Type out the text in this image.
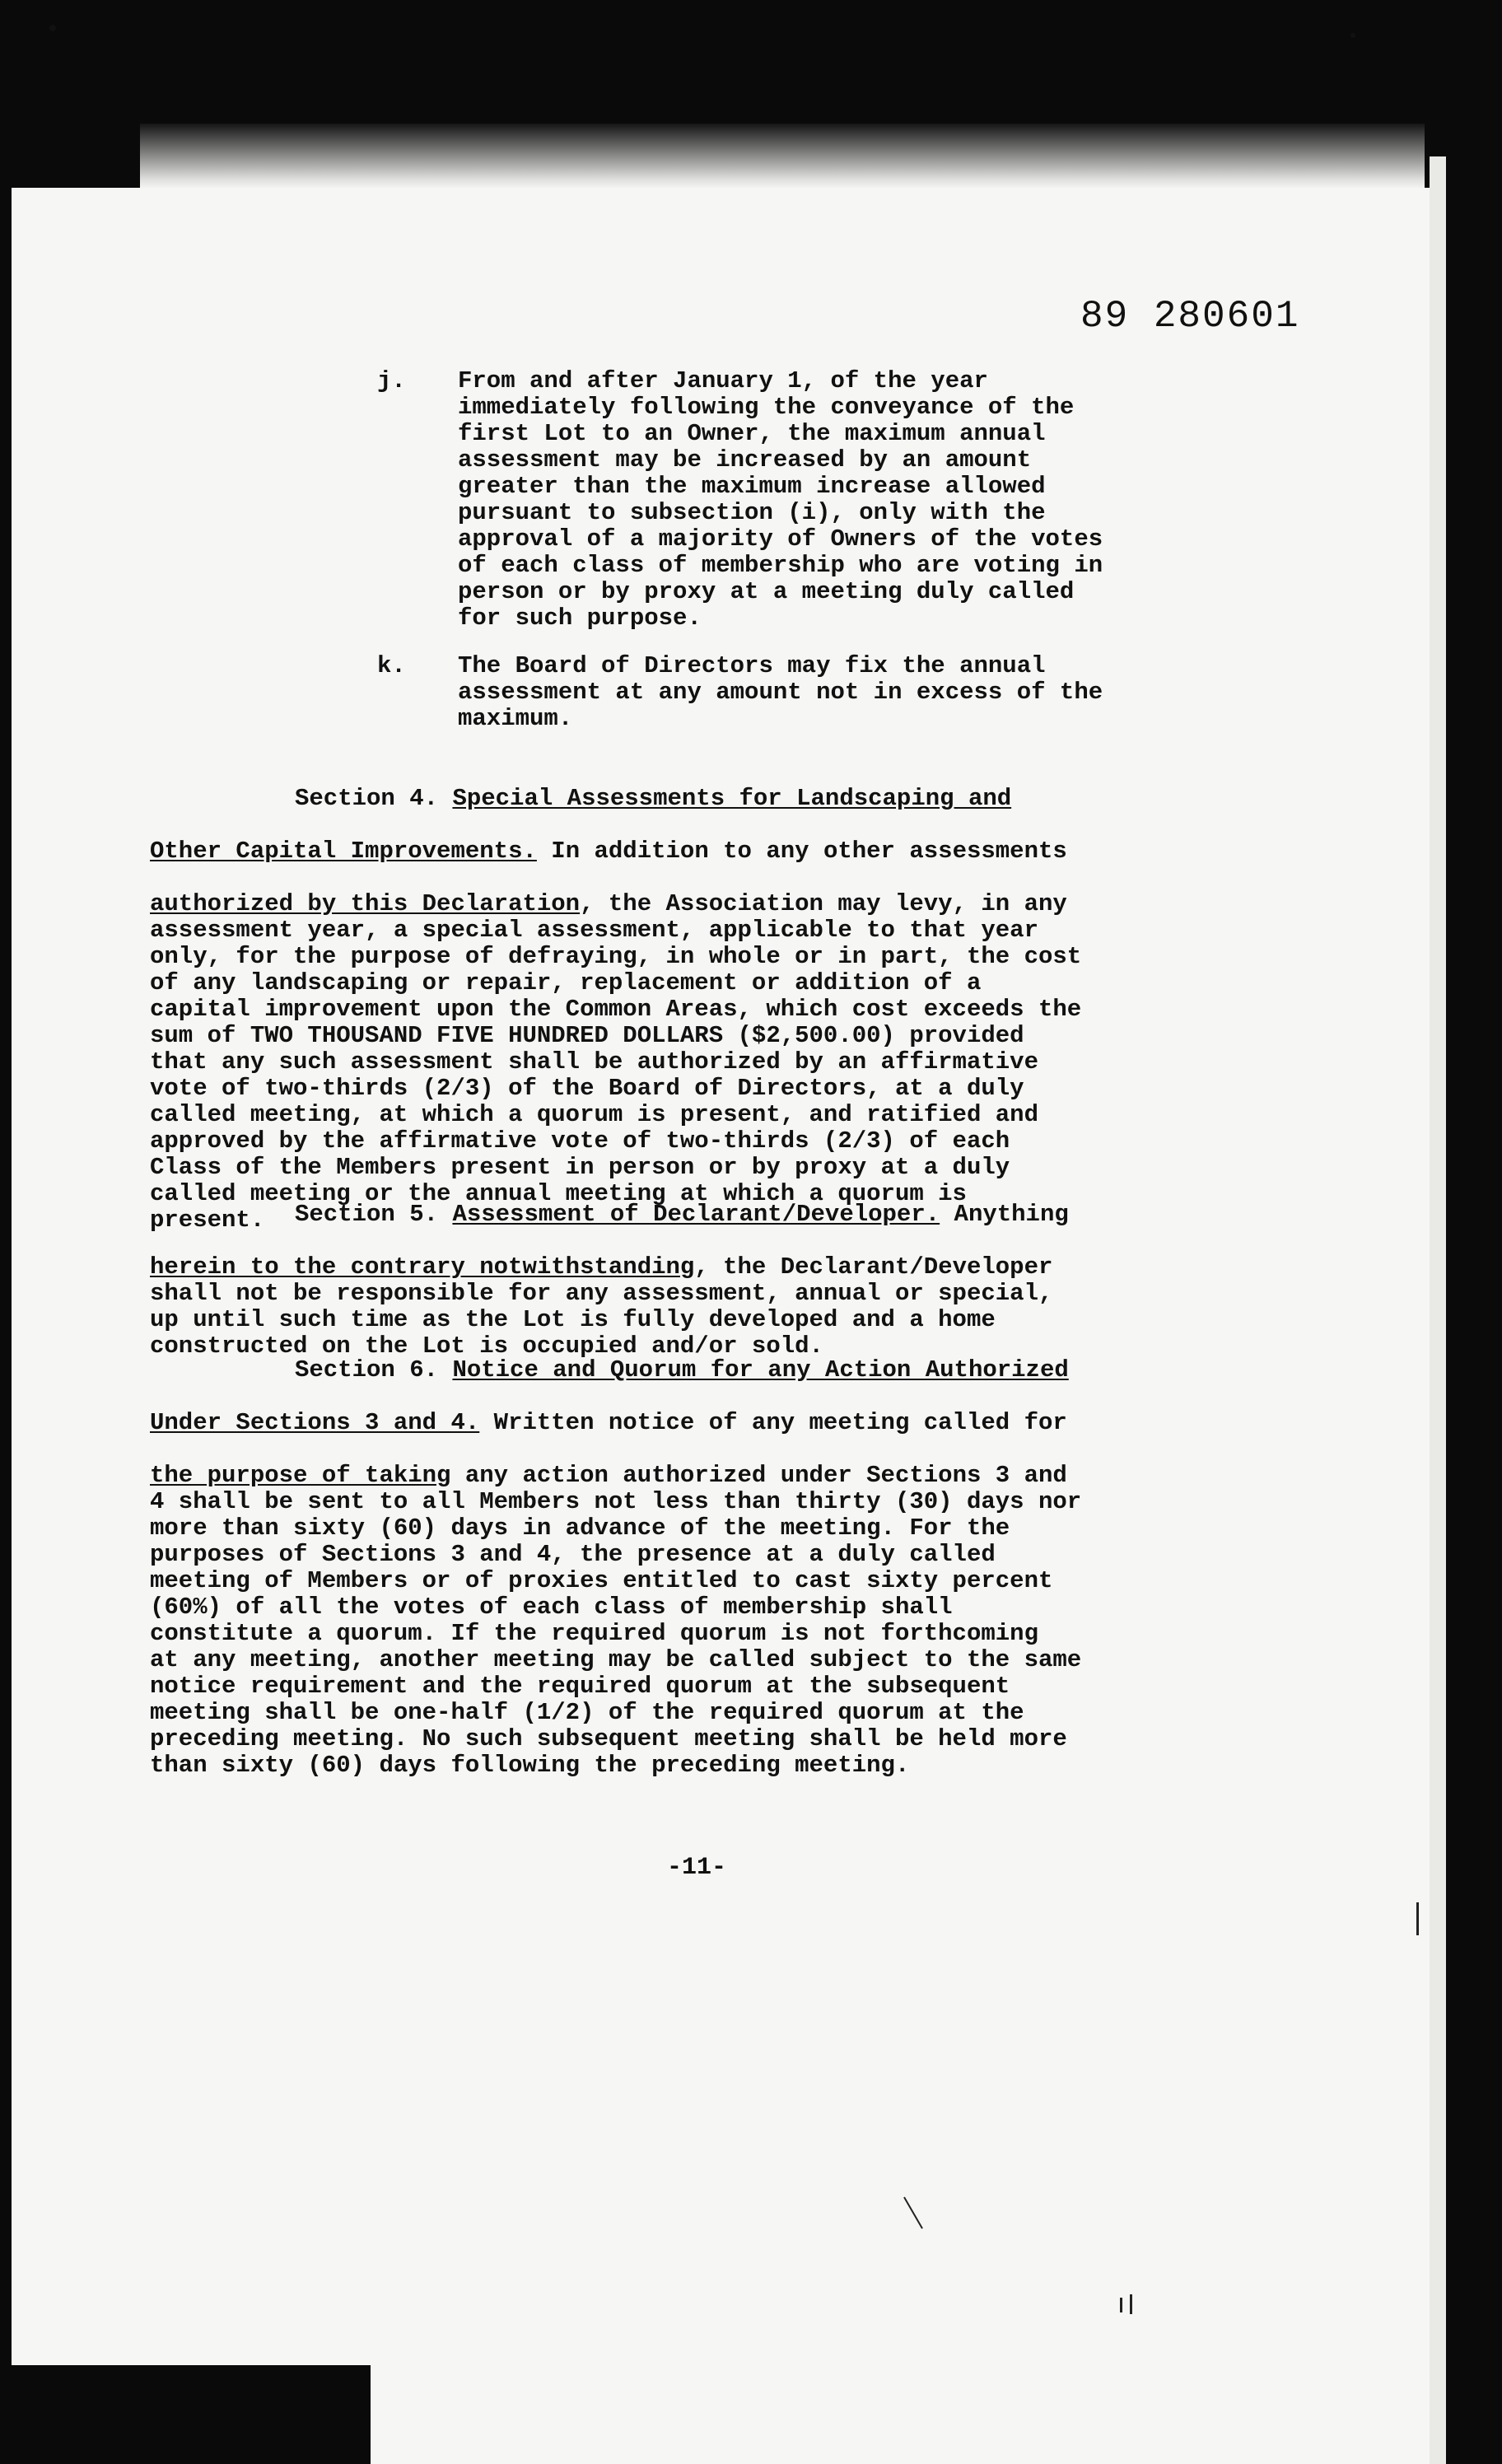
89 280601
j. From and after January 1, of the year
immediately following the conveyance of the
first Lot to an Owner, the maximum annual
assessment may be increased by an amount
greater than the maximum increase allowed
pursuant to subsection (i), only with the
approval of a majority of Owners of the votes
of each class of membership who are voting in
person or by proxy at a meeting duly called
for such purpose.
k. The Board of Directors may fix the annual
assessment at any amount not in excess of the
maximum.

Section 4. Special Assessments for Landscaping and

Other Capital Improvements. In addition to any other assessments

authorized by this Declaration, the Association may levy, in any
assessment year, a special assessment, applicable to that year
only, for the purpose of defraying, in whole or in part, the cost
of any landscaping or repair, replacement or addition of a
capital improvement upon the Common Areas, which cost exceeds the
sum of TWO THOUSAND FIVE HUNDRED DOLLARS ($2,500.00) provided
that any such assessment shall be authorized by an affirmative
vote of two-thirds (2/3) of the Board of Directors, at a duly
called meeting, at which a quorum is present, and ratified and
approved by the affirmative vote of two-thirds (2/3) of each
Class of the Members present in person or by proxy at a duly
called meeting or the annual meeting at which a quorum is
present.	Section 5. Assessment of Declarant/Developer. Anything

herein to the contrary notwithstanding, the Declarant/Developer
shall not be responsible for any assessment, annual or special,
up until such time as the Lot is fully developed and a home
constructed on the Lot is occupied and/or sold.

Section 6. Notice and Quorum for any Action Authorized

Under Sections 3 and 4. Written notice of any meeting called for

the purpose of taking any action authorized under Sections 3 and
4 shall be sent to all Members not less than thirty (30) days nor
more than sixty (60) days in advance of the meeting. For the
purposes of Sections 3 and 4, the presence at a duly called
meeting of Members or of proxies entitled to cast sixty percent
(60%) of all the votes of each class of membership shall
constitute a quorum. If the required quorum is not forthcoming
at any meeting, another meeting may be called subject to the same
notice requirement and the required quorum at the subsequent
meeting shall be one-half (1/2) of the required quorum at the
preceding meeting. No such subsequent meeting shall be held more
than sixty (60) days following the preceding meeting.

-11-
